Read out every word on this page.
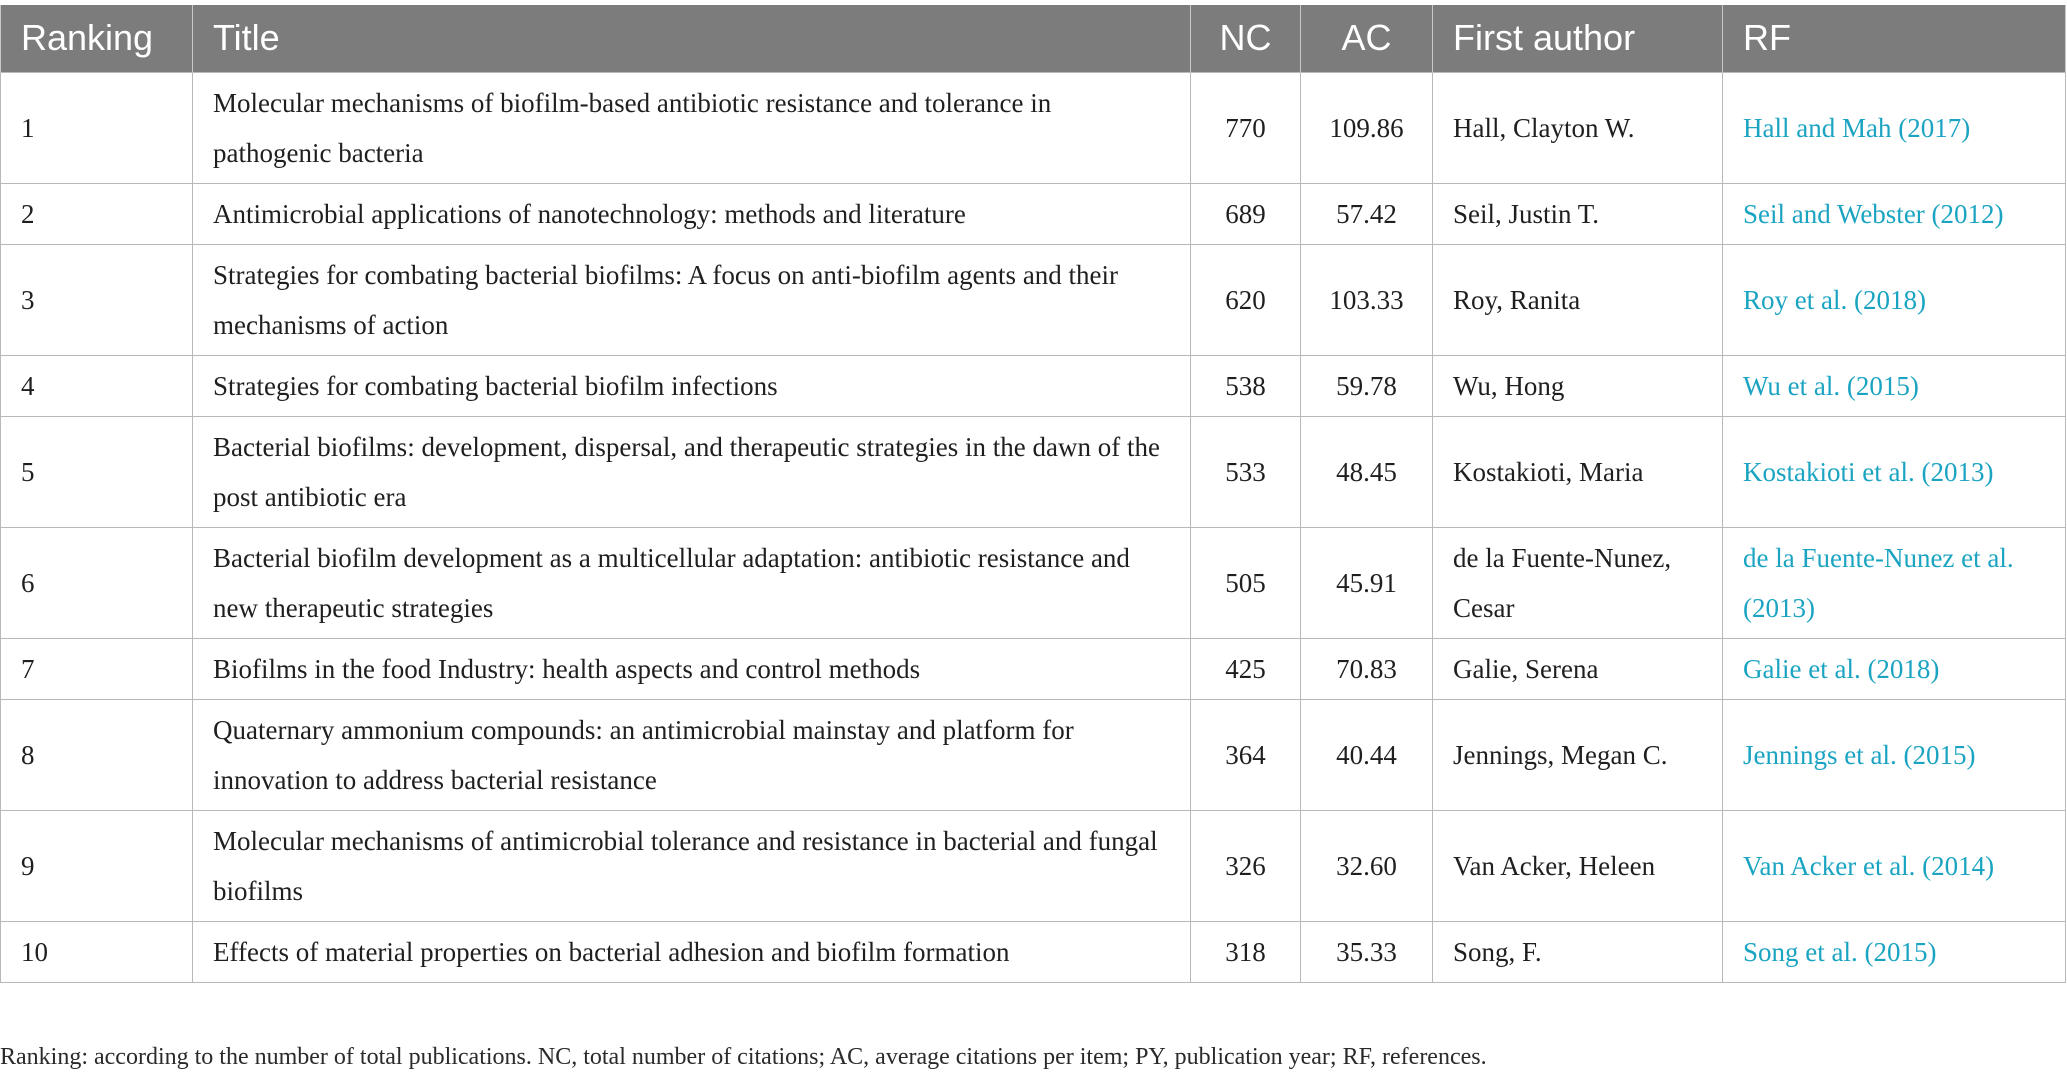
Ranking	Title	NC	AC	First author	RF
1	Molecular mechanisms of biofilm-based antibiotic resistance and tolerance in pathogenic bacteria	770	109.86	Hall, Clayton W.	Hall and Mah (2017)
2	Antimicrobial applications of nanotechnology: methods and literature	689	57.42	Seil, Justin T.	Seil and Webster (2012)
3	Strategies for combating bacterial biofilms: A focus on anti-biofilm agents and their mechanisms of action	620	103.33	Roy, Ranita	Roy et al. (2018)
4	Strategies for combating bacterial biofilm infections	538	59.78	Wu, Hong	Wu et al. (2015)
5	Bacterial biofilms: development, dispersal, and therapeutic strategies in the dawn of the post antibiotic era	533	48.45	Kostakioti, Maria	Kostakioti et al. (2013)
6	Bacterial biofilm development as a multicellular adaptation: antibiotic resistance and new therapeutic strategies	505	45.91	de la Fuente-Nunez, Cesar	de la Fuente-Nunez et al. (2013)
7	Biofilms in the food Industry: health aspects and control methods	425	70.83	Galie, Serena	Galie et al. (2018)
8	Quaternary ammonium compounds: an antimicrobial mainstay and platform for innovation to address bacterial resistance	364	40.44	Jennings, Megan C.	Jennings et al. (2015)
9	Molecular mechanisms of antimicrobial tolerance and resistance in bacterial and fungal biofilms	326	32.60	Van Acker, Heleen	Van Acker et al. (2014)
10	Effects of material properties on bacterial adhesion and biofilm formation	318	35.33	Song, F.	Song et al. (2015)
Ranking: according to the number of total publications. NC, total number of citations; AC, average citations per item; PY, publication year; RF, references.
